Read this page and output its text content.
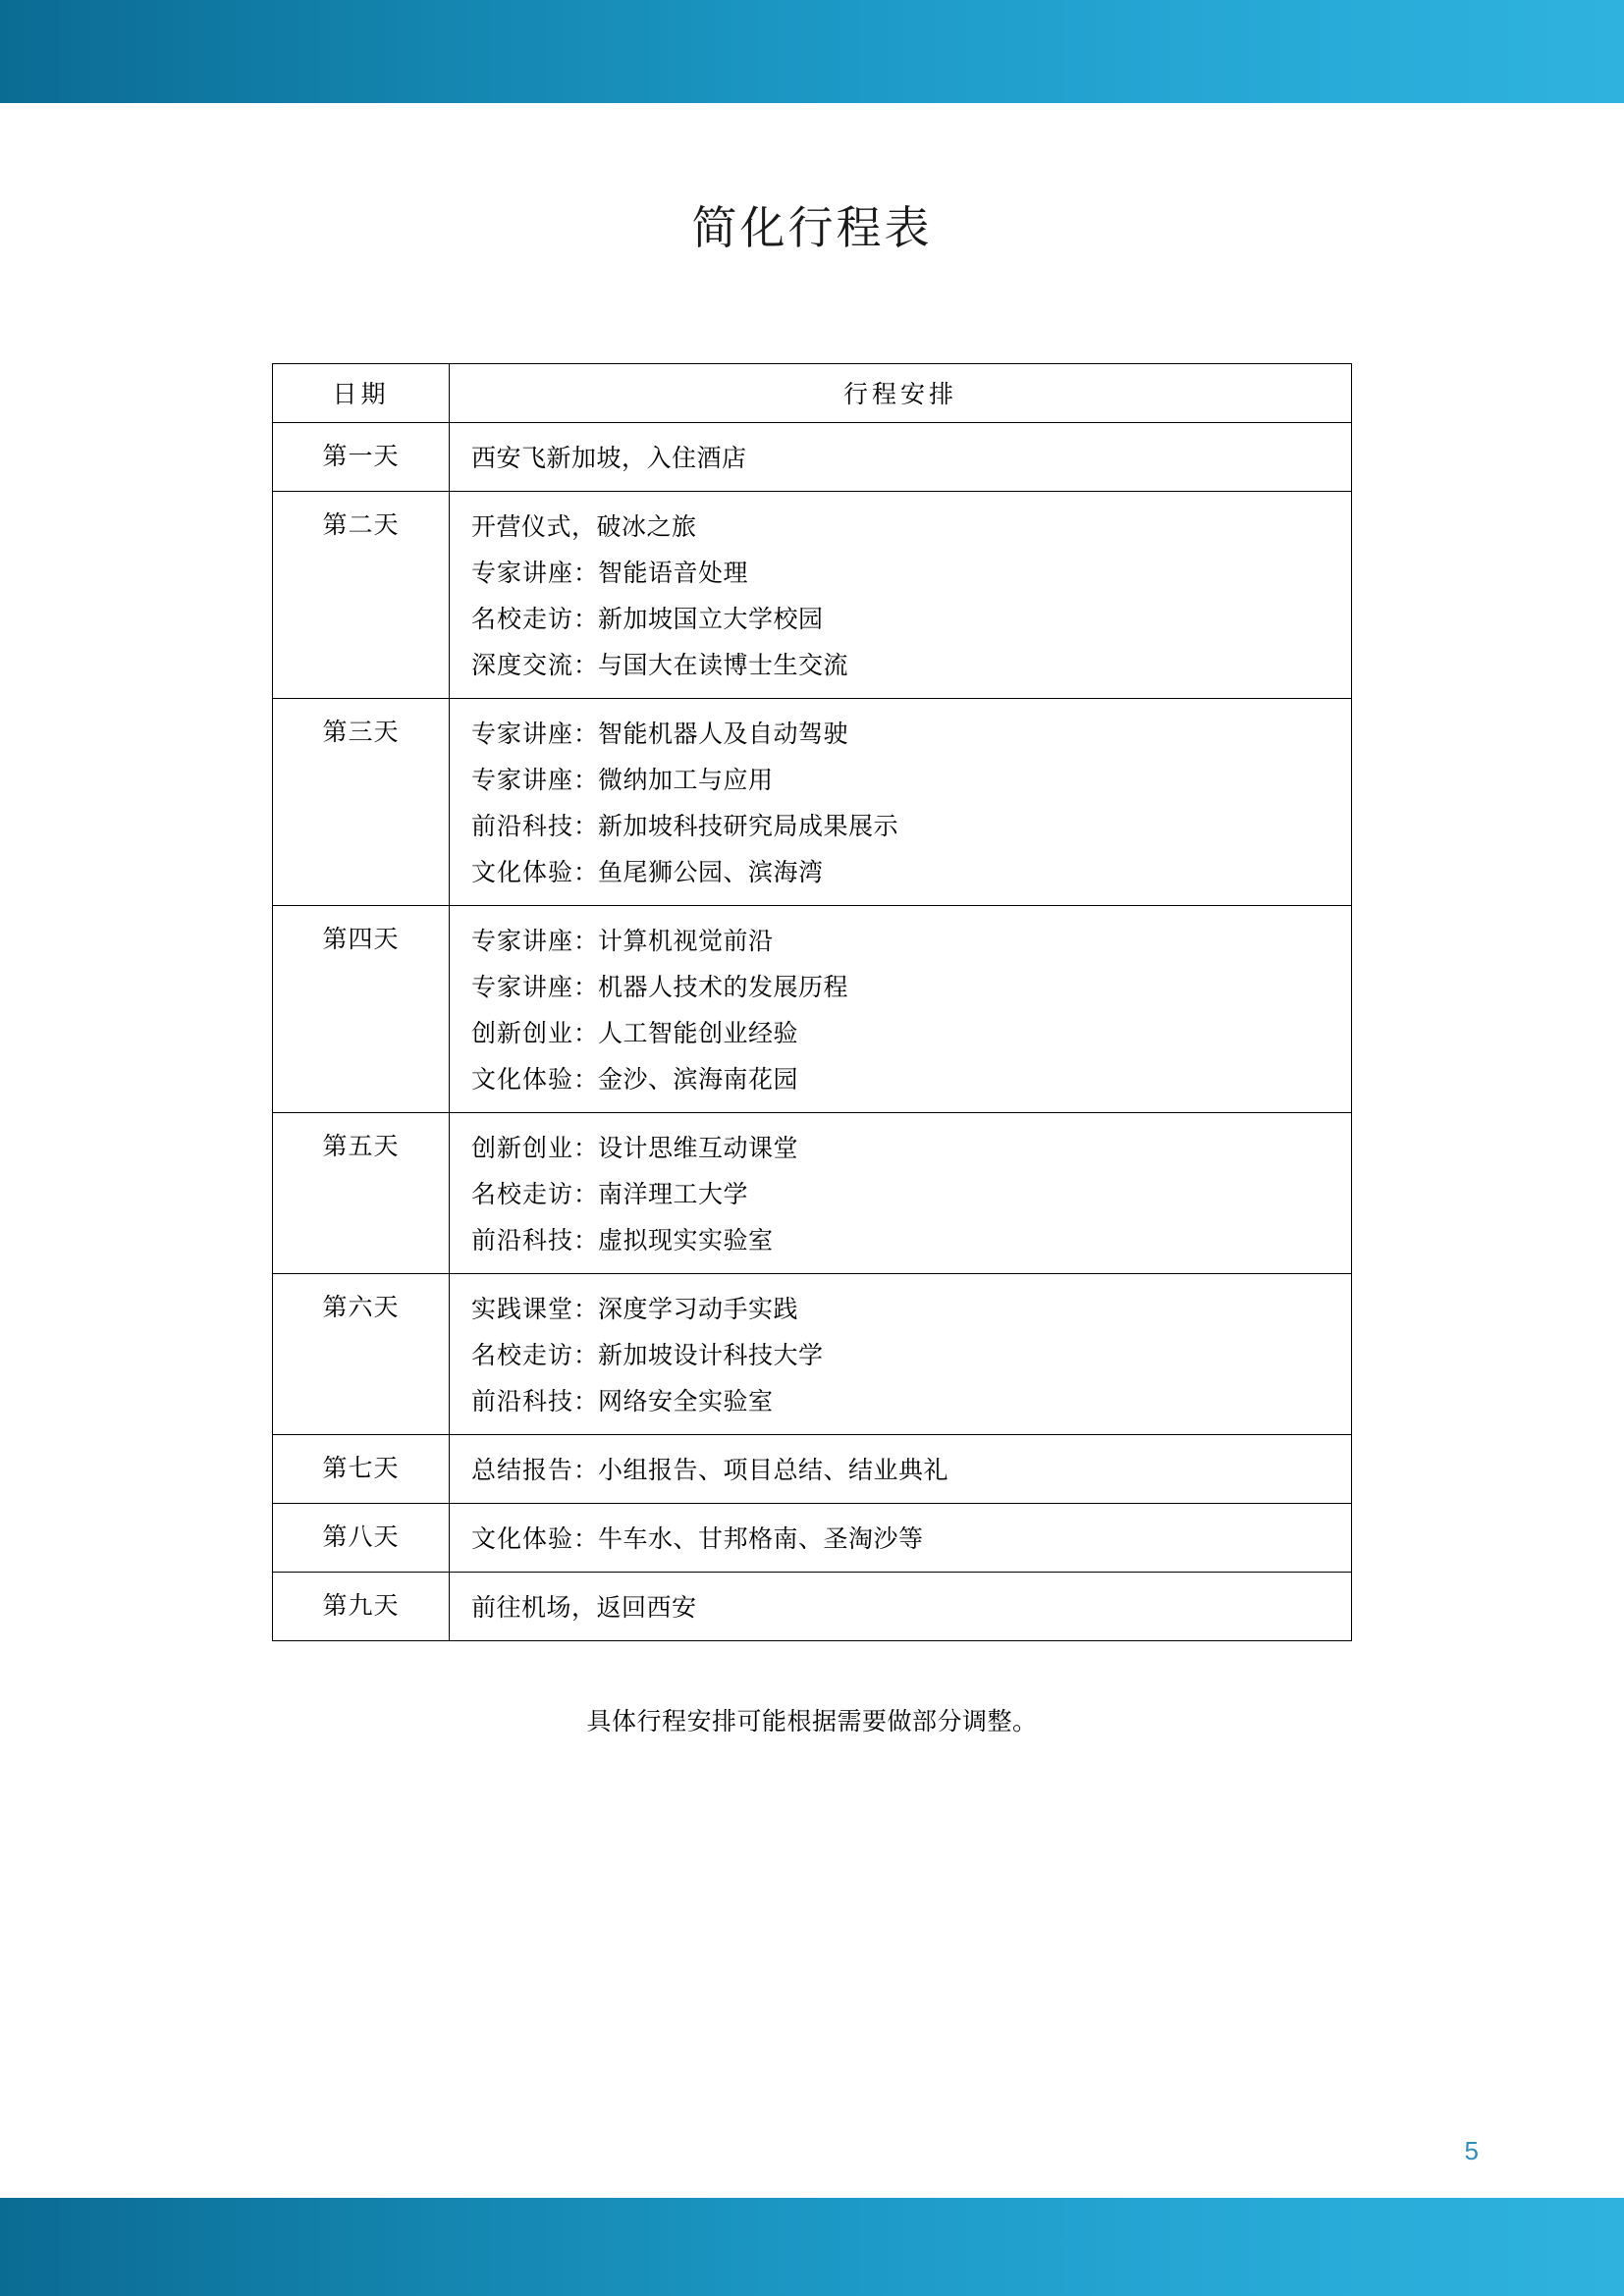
简化行程表
日期	行程安排
第一天	西安飞新加坡，入住酒店

第二天	开营仪式，破冰之旅
专家讲座：智能语音处理
名校走访：新加坡国立大学校园
深度交流：与国大在读博士生交流

第三天	专家讲座：智能机器人及自动驾驶
专家讲座：微纳加工与应用
前沿科技：新加坡科技研究局成果展示
文化体验：鱼尾狮公园、滨海湾

第四天	专家讲座：计算机视觉前沿
专家讲座：机器人技术的发展历程
创新创业：人工智能创业经验
文化体验：金沙、滨海南花园

第五天	创新创业：设计思维互动课堂
名校走访：南洋理工大学
前沿科技：虚拟现实实验室

第六天	实践课堂：深度学习动手实践
名校走访：新加坡设计科技大学
前沿科技：网络安全实验室

第七天	总结报告：小组报告、项目总结、结业典礼

第八天	文化体验：牛车水、甘邦格南、圣淘沙等

第九天	前往机场，返回西安
具体行程安排可能根据需要做部分调整。
5
